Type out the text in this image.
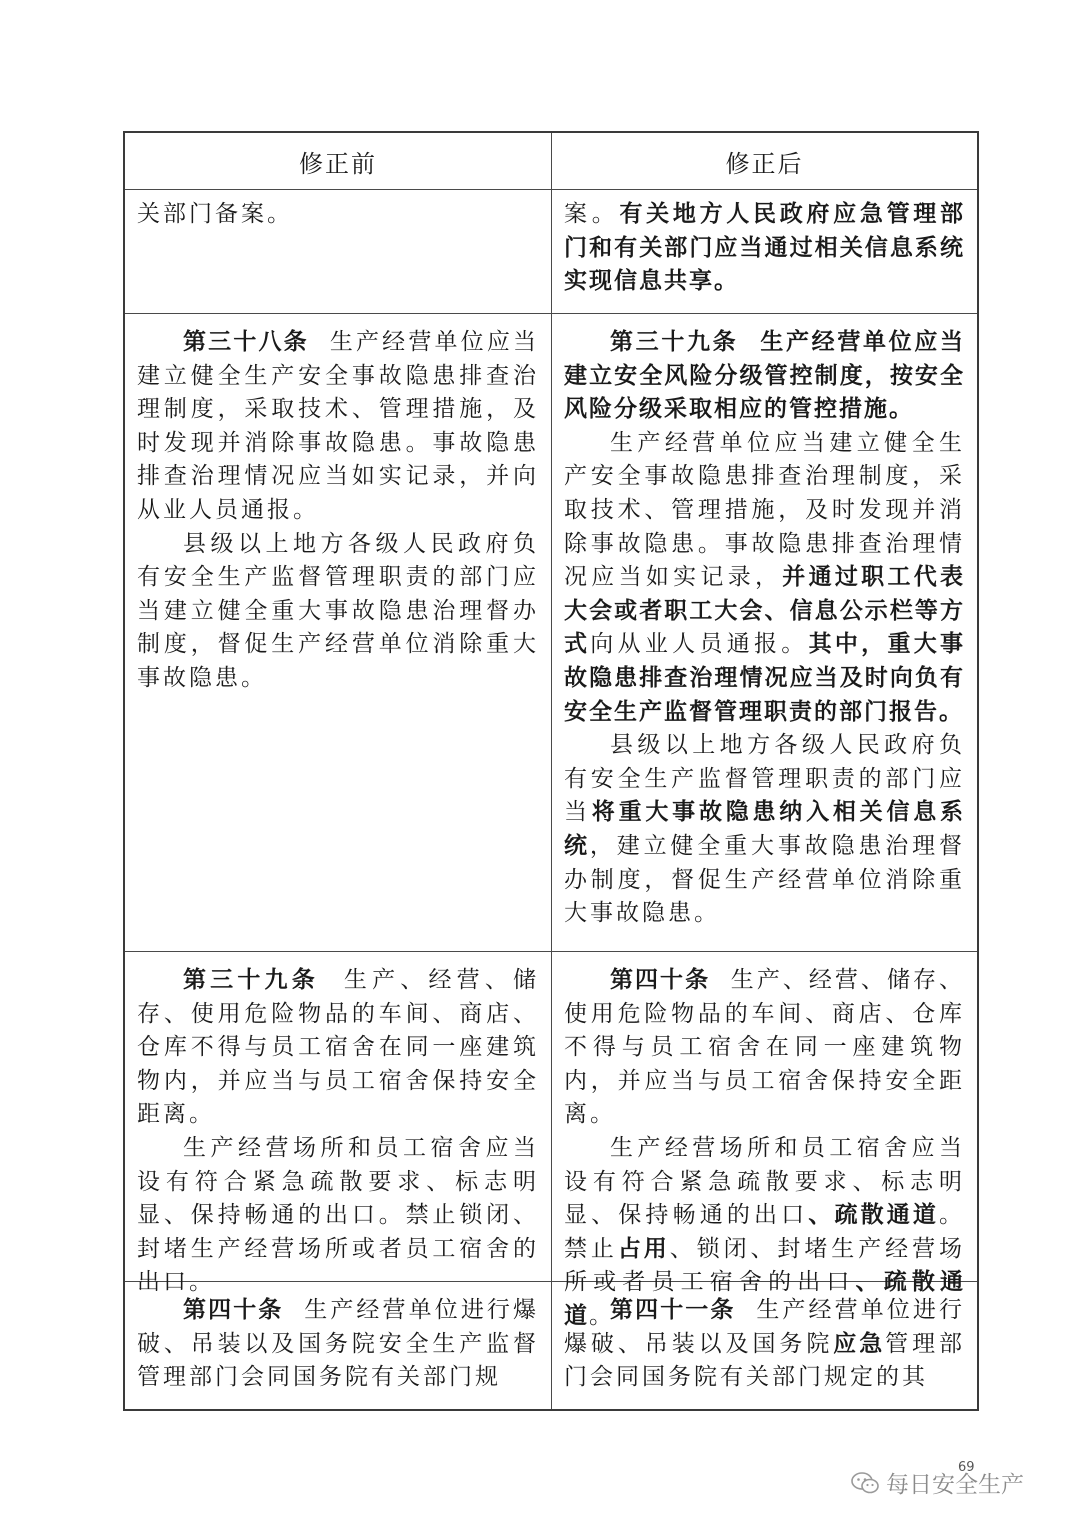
修正前	修正后

关部门备案。	案。有关地方人民政府应急管理部门和有关部门应当通过相关信息系统实现信息共享。

第三十八条 生产经营单位应当建立健全生产安全事故隐患排查治理制度，采取技术、管理措施，及时发现并消除事故隐患。事故隐患排查治理情况应当如实记录，并向从业人员通报。

县级以上地方各级人民政府负有安全生产监督管理职责的部门应当建立健全重大事故隐患治理督办制度，督促生产经营单位消除重大事故隐患。

第三十九条 生产经营单位应当建立安全风险分级管控制度，按安全风险分级采取相应的管控措施。

生产经营单位应当建立健全生产安全事故隐患排查治理制度，采取技术、管理措施，及时发现并消除事故隐患。事故隐患排查治理情况应当如实记录，并通过职工代表大会或者职工大会、信息公示栏等方式向从业人员通报。其中，重大事故隐患排查治理情况应当及时向负有安全生产监督管理职责的部门报告。

县级以上地方各级人民政府负有安全生产监督管理职责的部门应当将重大事故隐患纳入相关信息系统，建立健全重大事故隐患治理督办制度，督促生产经营单位消除重大事故隐患。

第三十九条 生产、经营、储存、使用危险物品的车间、商店、仓库不得与员工宿舍在同一座建筑物内，并应当与员工宿舍保持安全距离。

生产经营场所和员工宿舍应当设有符合紧急疏散要求、标志明显、保持畅通的出口。禁止锁闭、封堵生产经营场所或者员工宿舍的出口。

第四十条 生产、经营、储存、使用危险物品的车间、商店、仓库不得与员工宿舍在同一座建筑物内，并应当与员工宿舍保持安全距离。

生产经营场所和员工宿舍应当设有符合紧急疏散要求、标志明显、保持畅通的出口、疏散通道。禁止占用、锁闭、封堵生产经营场所或者员工宿舍的出口、疏散通道。

第四十条 生产经营单位进行爆破、吊装以及国务院安全生产监督管理部门会同国务院有关部门规

第四十一条 生产经营单位进行爆破、吊装以及国务院应急管理部门会同国务院有关部门规定的其

69
每日安全生产
